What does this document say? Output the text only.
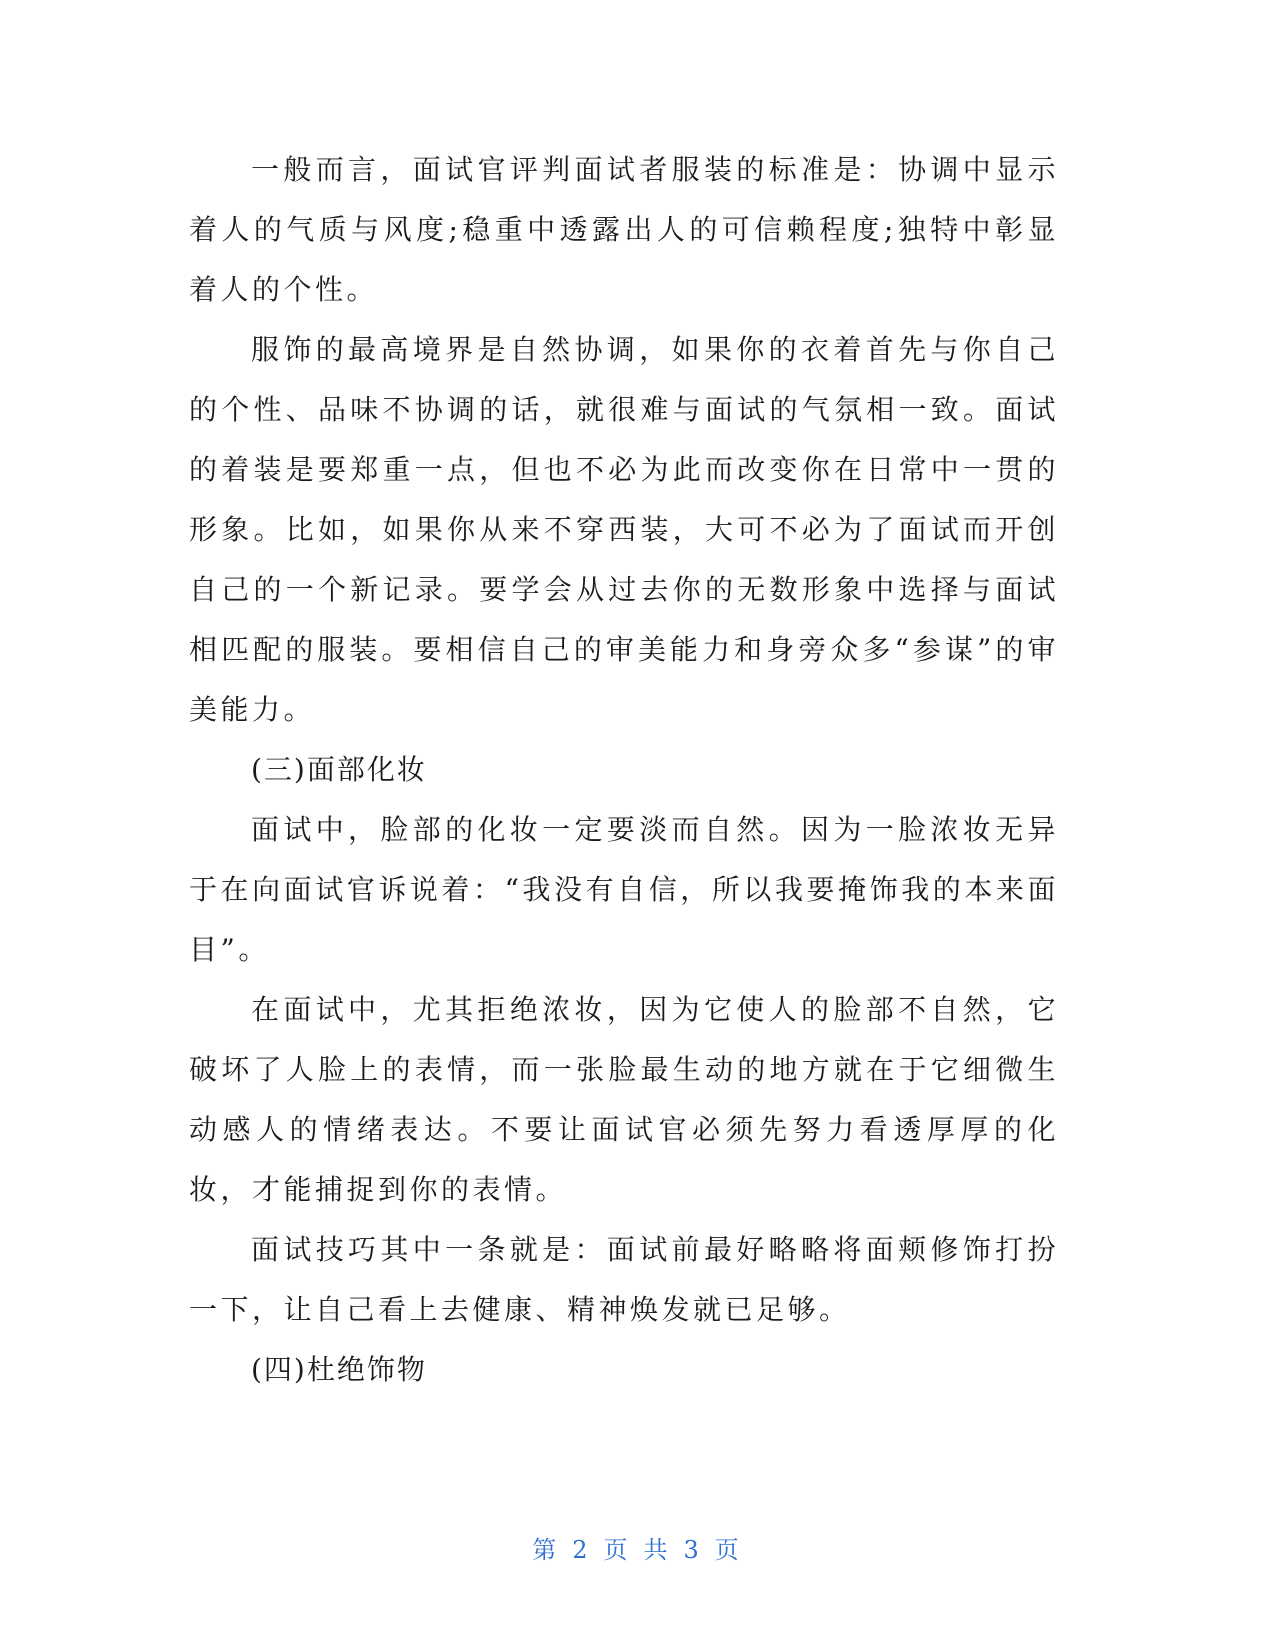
一般而言，面试官评判面试者服装的标准是：协调中显示着人的气质与风度;稳重中透露出人的可信赖程度;独特中彰显着人的个性。

服饰的最高境界是自然协调，如果你的衣着首先与你自己的个性、品味不协调的话，就很难与面试的气氛相一致。面试的着装是要郑重一点，但也不必为此而改变你在日常中一贯的形象。比如，如果你从来不穿西装，大可不必为了面试而开创自己的一个新记录。要学会从过去你的无数形象中选择与面试相匹配的服装。要相信自己的审美能力和身旁众多“参谋”的审美能力。

(三)面部化妆

面试中，脸部的化妆一定要淡而自然。因为一脸浓妆无异于在向面试官诉说着：“我没有自信，所以我要掩饰我的本来面目”。

在面试中，尤其拒绝浓妆，因为它使人的脸部不自然，它破坏了人脸上的表情，而一张脸最生动的地方就在于它细微生动感人的情绪表达。不要让面试官必须先努力看透厚厚的化妆，才能捕捉到你的表情。

面试技巧其中一条就是：面试前最好略略将面颊修饰打扮一下，让自己看上去健康、精神焕发就已足够。

(四)杜绝饰物

第 2 页 共 3 页
